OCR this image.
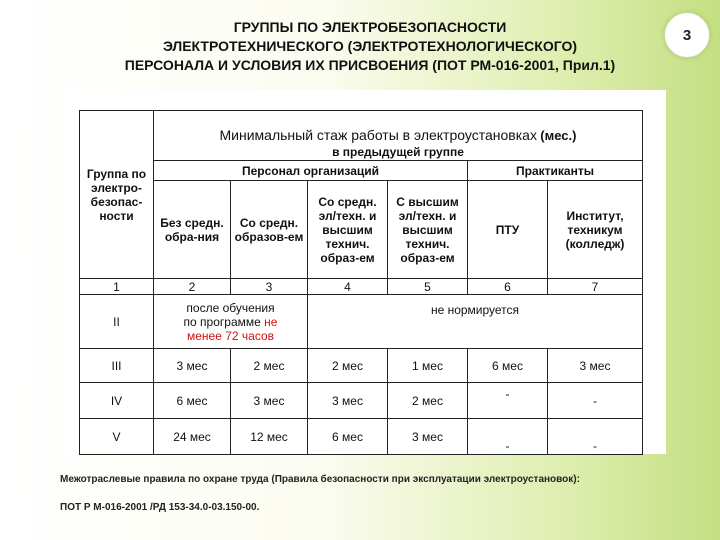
ГРУППЫ ПО ЭЛЕКТРОБЕЗОПАСНОСТИ
ЭЛЕКТРОТЕХНИЧЕСКОГО (ЭЛЕКТРОТЕХНОЛОГИЧЕСКОГО)
ПЕРСОНАЛА И УСЛОВИЯ ИХ ПРИСВОЕНИЯ (ПОТ РМ-016-2001, Прил.1)
3
Группа по электро-безопас-ности	Минимальный стаж работы в электроустановках (мес.)					
	в предыдущей группе					
	Персонал организаций				Практиканты	
	Без средн. обра-ния	Со средн. образов-ем	Со средн. эл/техн. и высшим технич. образ-ем	С высшим эл/техн. и высшим технич. образ-ем	ПТУ	Институт, техникум (колледж)
1	2	3	4	5	6	7
II	после обучения
по программе не
менее 72 часов		не нормируется			
III	3 мес	2 мес	2 мес	1 мес	6 мес	3 мес
IV	6 мес	3 мес	3 мес	2 мес	-	-
V	24 мес	12 мес	6 мес	3 мес	-	-
Межотраслевые правила по охране труда (Правила безопасности при эксплуатации электроустановок):
ПОТ Р М-016-2001 /РД 153-34.0-03.150-00.
